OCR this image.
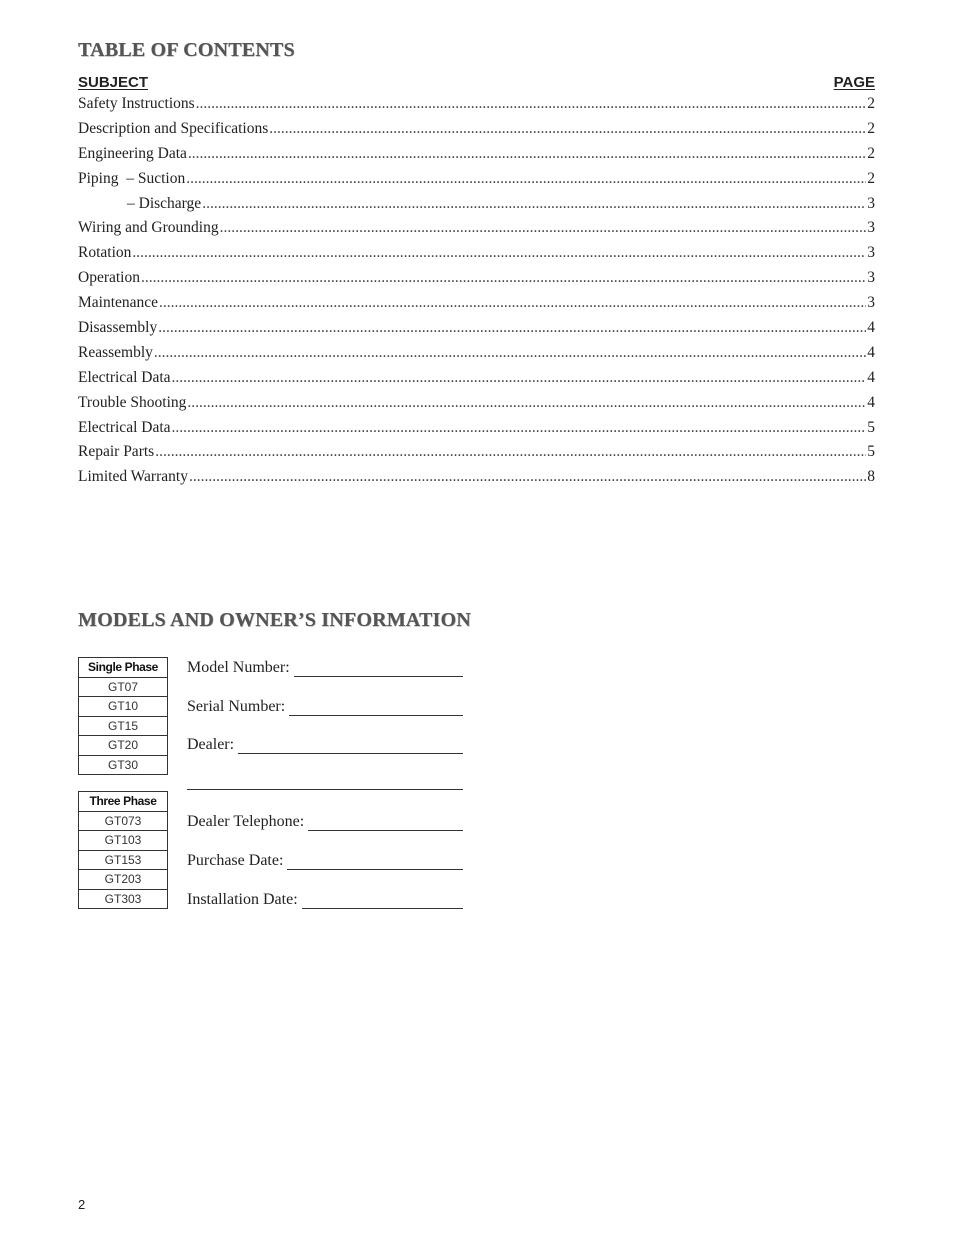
TABLE OF CONTENTS
SUBJECT	PAGE
Safety Instructions .....	2
Description and Specifications .....	2
Engineering Data .....	2
Piping  – Suction .....	2
– Discharge .....	3
Wiring and Grounding .....	3
Rotation .....	3
Operation .....	3
Maintenance .....	3
Disassembly .....	4
Reassembly .....	4
Electrical Data .....	4
Trouble Shooting .....	4
Electrical Data .....	5
Repair Parts .....	5
Limited Warranty .....	8
MODELS AND OWNER’S INFORMATION
Single Phase
GT07
GT10
GT15
GT20
GT30
Three Phase
GT073
GT103
GT153
GT203
GT303
Model Number:
Serial Number:
Dealer:
Dealer Telephone:
Purchase Date:
Installation Date:
2
